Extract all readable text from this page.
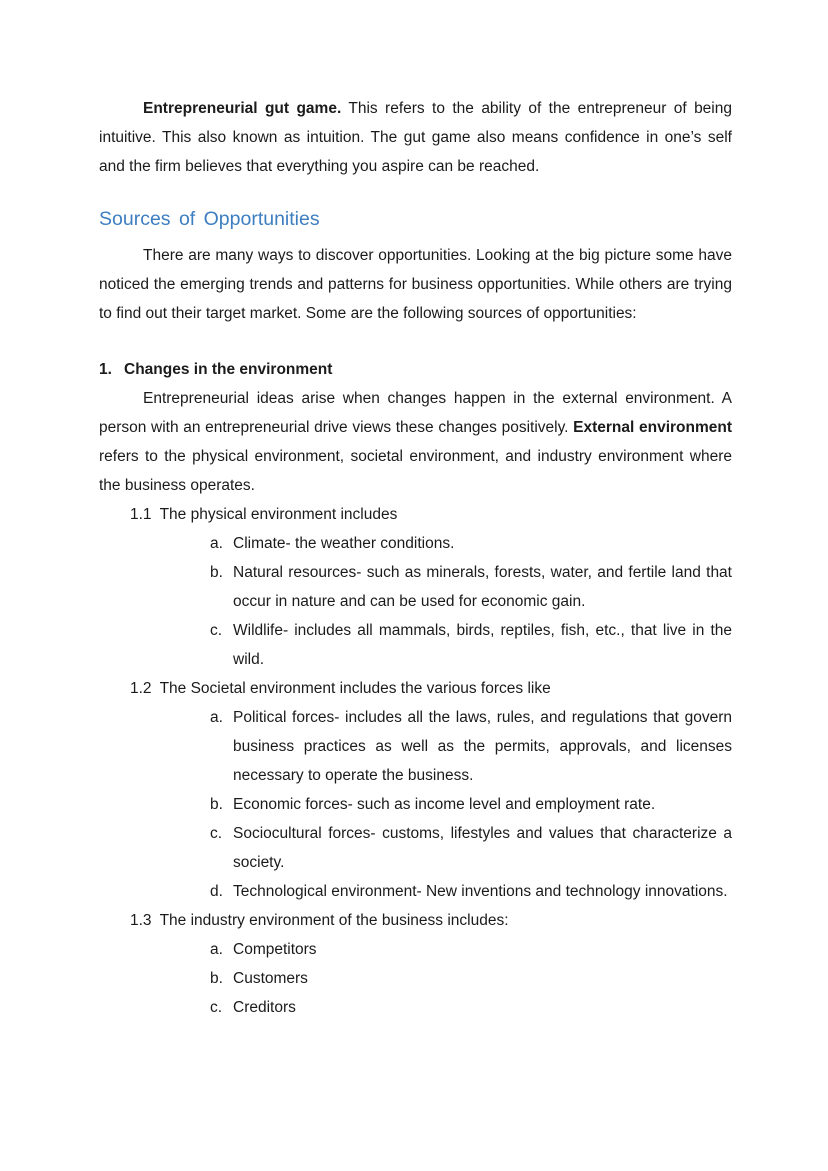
Entrepreneurial gut game. This refers to the ability of the entrepreneur of being intuitive. This also known as intuition. The gut game also means confidence in one’s self and the firm believes that everything you aspire can be reached.

Sources of Opportunities

There are many ways to discover opportunities. Looking at the big picture some have noticed the emerging trends and patterns for business opportunities. While others are trying to find out their target market. Some are the following sources of opportunities:

1. Changes in the environment

Entrepreneurial ideas arise when changes happen in the external environment. A person with an entrepreneurial drive views these changes positively. External environment refers to the physical environment, societal environment, and industry environment where the business operates.

1.1 The physical environment includes
a. Climate- the weather conditions.
b. Natural resources- such as minerals, forests, water, and fertile land that occur in nature and can be used for economic gain.
c. Wildlife- includes all mammals, birds, reptiles, fish, etc., that live in the wild.
1.2 The Societal environment includes the various forces like
a. Political forces- includes all the laws, rules, and regulations that govern business practices as well as the permits, approvals, and licenses necessary to operate the business.
b. Economic forces- such as income level and employment rate.
c. Sociocultural forces- customs, lifestyles and values that characterize a society.
d. Technological environment- New inventions and technology innovations.
1.3 The industry environment of the business includes:
a. Competitors
b. Customers
c. Creditors
